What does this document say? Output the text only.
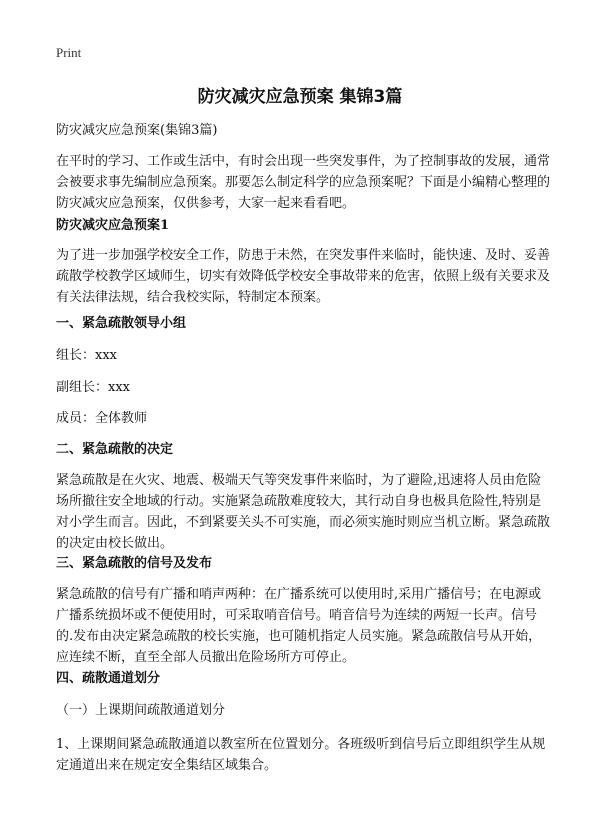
Print
防灾减灾应急预案 集锦3篇

防灾减灾应急预案(集锦3篇)

在平时的学习、工作或生活中，有时会出现一些突发事件，为了控制事故的发展，通常会被要求事先编制应急预案。那要怎么制定科学的应急预案呢？下面是小编精心整理的防灾减灾应急预案，仅供参考，大家一起来看看吧。

防灾减灾应急预案1

为了进一步加强学校安全工作，防患于未然，在突发事件来临时，能快速、及时、妥善疏散学校教学区域师生，切实有效降低学校安全事故带来的危害，依照上级有关要求及有关法律法规，结合我校实际，特制定本预案。

一、紧急疏散领导小组

组长：xxx

副组长：xxx

成员：全体教师

二、紧急疏散的决定

紧急疏散是在火灾、地震、极端天气等突发事件来临时，为了避险,迅速将人员由危险场所撤往安全地域的行动。实施紧急疏散难度较大，其行动自身也极具危险性,特别是对小学生而言。因此，不到紧要关头不可实施，而必须实施时则应当机立断。紧急疏散的决定由校长做出。

三、紧急疏散的信号及发布

紧急疏散的信号有广播和哨声两种：在广播系统可以使用时,采用广播信号；在电源或广播系统损坏或不便使用时，可采取哨音信号。哨音信号为连续的两短一长声。信号的.发布由决定紧急疏散的校长实施，也可随机指定人员实施。紧急疏散信号从开始，应连续不断，直至全部人员撤出危险场所方可停止。

四、疏散通道划分

（一）上课期间疏散通道划分

1、上课期间紧急疏散通道以教室所在位置划分。各班级听到信号后立即组织学生从规定通道出来在规定安全集结区域集合。
